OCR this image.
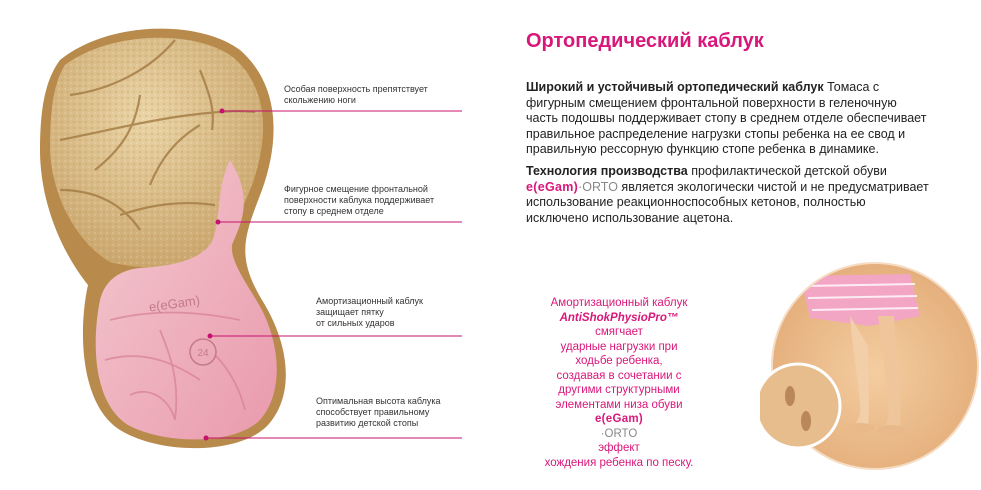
e(eGam)
24
Особая поверхность препятствует
скольжению ноги
Фигурное смещение фронтальной
поверхности каблука поддерживает
стопу в среднем отделе
Амортизационный каблук
защищает пятку
от сильных ударов
Оптимальная высота каблука
способствует правильному
развитию детской стопы
Ортопедический каблук
Широкий и устойчивый ортопедический каблук Томаса с
фигурным смещением фронтальной поверхности в геленочную
часть подошвы поддерживает стопу в среднем отделе обеспечивает
правильное распределение нагрузки стопы ребенка на ее свод и
правильную рессорную функцию стопе ребенка в динамике.
Технология производства профилактической детской обуви
e(eGam)·ORTO является экологически чистой и не предусматривает
использование реакционноспособных кетонов, полностью
исключено использование ацетона.
Амортизационный каблук
AntiShokPhysioPro™
смягчает
ударные нагрузки при
ходьбе ребенка,
создавая в сочетании с
другими структурными
элементами низа обуви
e(eGam)
·ORTO
эффект
хождения ребенка по песку.
